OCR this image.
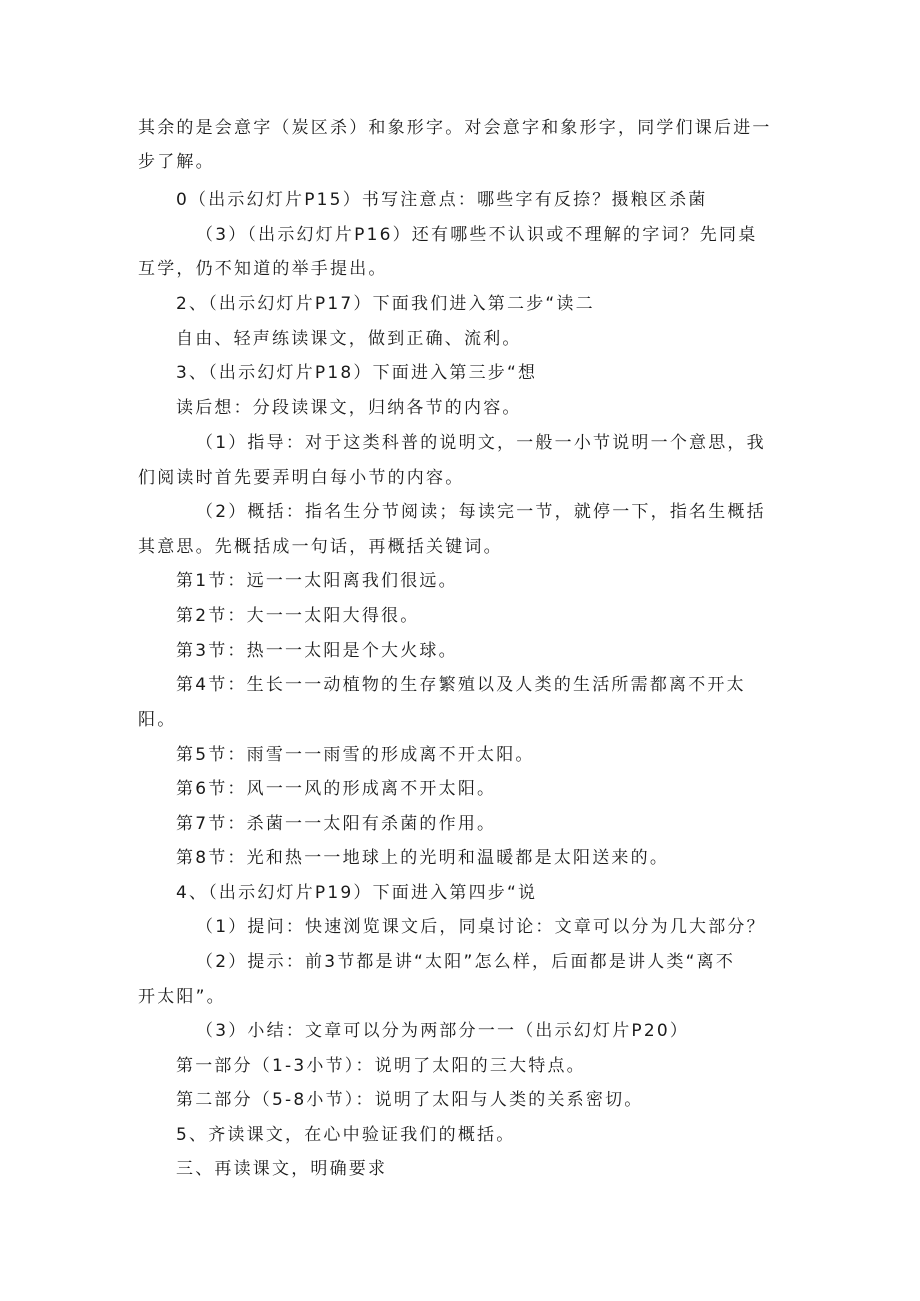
其余的是会意字（炭区杀）和象形字。对会意字和象形字，同学们课后进一
步了解。
0（出示幻灯片P15）书写注意点：哪些字有反捺？摄粮区杀菌
（3）（出示幻灯片P16）还有哪些不认识或不理解的字词？先同桌
互学，仍不知道的举手提出。
2、（出示幻灯片P17）下面我们进入第二步“读二
自由、轻声练读课文，做到正确、流利。
3、（出示幻灯片P18）下面进入第三步“想
读后想：分段读课文，归纳各节的内容。
（1）指导：对于这类科普的说明文，一般一小节说明一个意思，我
们阅读时首先要弄明白每小节的内容。
（2）概括：指名生分节阅读；每读完一节，就停一下，指名生概括
其意思。先概括成一句话，再概括关键词。
第1节：远一一太阳离我们很远。
第2节：大一一太阳大得很。
第3节：热一一太阳是个大火球。
第4节：生长一一动植物的生存繁殖以及人类的生活所需都离不开太
阳。
第5节：雨雪一一雨雪的形成离不开太阳。
第6节：风一一风的形成离不开太阳。
第7节：杀菌一一太阳有杀菌的作用。
第8节：光和热一一地球上的光明和温暖都是太阳送来的。
4、（出示幻灯片P19）下面进入第四步“说
（1）提问：快速浏览课文后，同桌讨论：文章可以分为几大部分？
（2）提示：前3节都是讲“太阳”怎么样，后面都是讲人类“离不
开太阳”。
（3）小结：文章可以分为两部分一一（出示幻灯片P20）
第一部分（1-3小节）：说明了太阳的三大特点。
第二部分（5-8小节）：说明了太阳与人类的关系密切。
5、齐读课文，在心中验证我们的概括。
三、再读课文，明确要求
